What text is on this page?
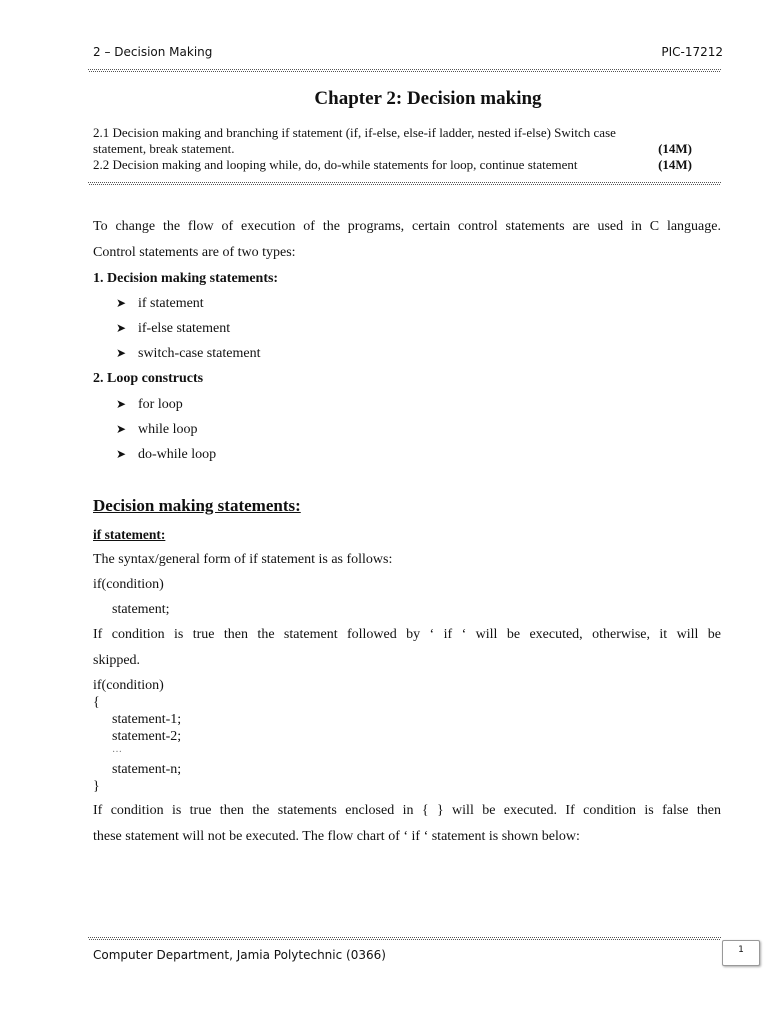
2 – Decision Making	PIC-17212
Chapter 2: Decision making
2.1 Decision making and branching if statement (if, if-else, else-if ladder, nested if-else) Switch case
statement, break statement.	(14M)
2.2 Decision making and looping while, do, do-while statements for loop, continue statement	(14M)
To change the flow of execution of the programs, certain control statements are used in C language.
Control statements are of two types:
1. Decision making statements:
➤ if statement
➤ if-else statement
➤ switch-case statement
2. Loop constructs
➤ for loop
➤ while loop
➤ do-while loop
Decision making statements:
if statement:
The syntax/general form of if statement is as follows:
if(condition)
statement;
If condition is true then the statement followed by ‘ if ‘ will be executed, otherwise, it will be
skipped.
if(condition)
{
statement-1;
statement-2;
…
statement-n;
}
If condition is true then the statements enclosed in { } will be executed. If condition is false then
these statement will not be executed. The flow chart of ‘ if ‘ statement is shown below:
Computer Department, Jamia Polytechnic (0366)	1
